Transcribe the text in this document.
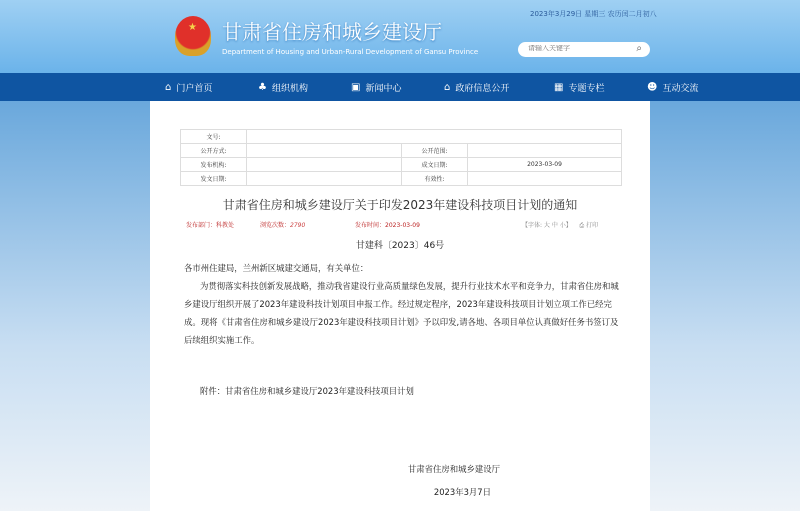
★ 甘肃省住房和城乡建设厅
Department of Housing and Urban-Rural Development of Gansu Province
2023年3月29日 星期三 农历闰二月初八
请输入关键字
⌕
⌂ 门户首页	♣ 组织机构	▣ 新闻中心	⌂ 政府信息公开	▦ 专题专栏	☻ 互动交流
文号:			
公开方式:		公开范围:	
发布机构:		成文日期:	2023-03-09
发文日期:		有效性:	
甘肃省住房和城乡建设厅关于印发2023年建设科技项目计划的通知
发布部门：科教处	浏览次数：2790	发布时间：2023-03-09	【字体: 大 中 小】 ⎙ 打印
甘建科〔2023〕46号

各市州住建局，兰州新区城建交通局，有关单位：

为贯彻落实科技创新发展战略，推动我省建设行业高质量绿色发展，提升行业技术水平和竞争力，甘肃省住房和城乡建设厅组织开展了2023年建设科技计划项目申报工作。经过规定程序，2023年建设科技项目计划立项工作已经完成。现将《甘肃省住房和城乡建设厅2023年建设科技项目计划》予以印发,请各地、各项目单位认真做好任务书签订及后续组织实施工作。

附件：甘肃省住房和城乡建设厅2023年建设科技项目计划
甘肃省住房和城乡建设厅
2023年3月7日
